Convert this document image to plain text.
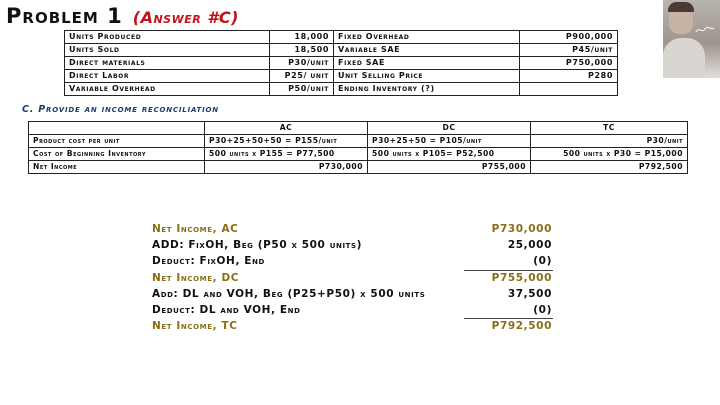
Problem 1 (Answer #C)
Units Produced	18,000	Fixed Overhead	P900,000
Units Sold	18,500	Variable SAE	P45/unit
Direct materials	P30/unit	Fixed SAE	P750,000
Direct Labor	P25/ unit	Unit Selling Price	P280
Variable Overhead	P50/unit	Ending Inventory (?)	
C. Provide an income reconciliation
	AC	DC	TC
Product cost per unit	P30+25+50+50 = P155/unit	P30+25+50 = P105/unit	P30/unit
Cost of Beginning Inventory	500 units x P155 = P77,500	500 units x P105= P52,500	500 units x P30 = P15,000
Net Income	P730,000	P755,000	P792,500
Net Income, AC	P730,000
ADD: FixOH, Beg (P50 x 500 units)	25,000
Deduct: FixOH, End	(0)
Net Income, DC	P755,000
Add: DL and VOH, Beg (P25+P50) x 500 units	37,500
Deduct: DL and VOH, End	(0)
Net Income, TC	P792,500
